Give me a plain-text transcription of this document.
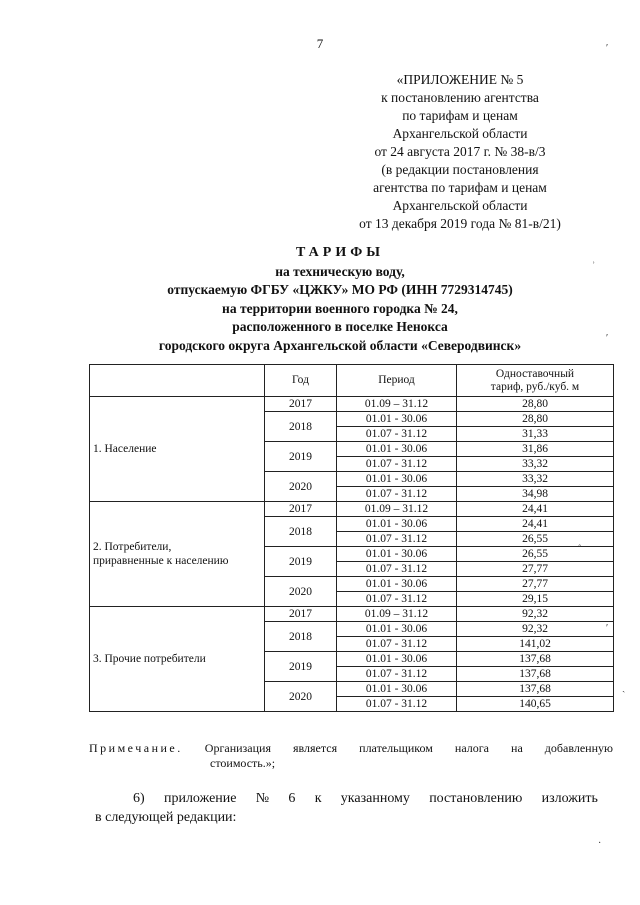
7
«ПРИЛОЖЕНИЕ № 5
к постановлению агентства
по тарифам и ценам
Архангельской области
от 24 августа 2017 г. № 38-в/3
(в редакции постановления
агентства по тарифам и ценам
Архангельской области
от 13 декабря 2019 года № 81-в/21)
ТАРИФЫ
на техническую воду,
отпускаемую ФГБУ «ЦЖКУ» МО РФ (ИНН 7729314745)
на территории военного городка № 24,
расположенного в поселке Ненокса
городского округа Архангельской области «Северодвинск»
	Год	Период	Одноставочный
тариф, руб./куб. м

1. Население	2017	01.09 – 31.12	28,80
	2018	01.01 - 30.06	28,80
		01.07 - 31.12	31,33
	2019	01.01 - 30.06	31,86
		01.07 - 31.12	33,32
	2020	01.01 - 30.06	33,32
		01.07 - 31.12	34,98

2. Потребители,
приравненные к населению	2017	01.09 – 31.12	24,41
	2018	01.01 - 30.06	24,41
		01.07 - 31.12	26,55
	2019	01.01 - 30.06	26,55
		01.07 - 31.12	27,77
	2020	01.01 - 30.06	27,77
		01.07 - 31.12	29,15

3. Прочие потребители	2017	01.09 – 31.12	92,32
	2018	01.01 - 30.06	92,32
		01.07 - 31.12	141,02
	2019	01.01 - 30.06	137,68
		01.07 - 31.12	137,68
	2020	01.01 - 30.06	137,68
		01.07 - 31.12	140,65
Примечание. Организация является плательщиком налога на добавленную
стоимость.»;
6) приложение № 6 к указанному постановлению изложить
в следующей редакции:
ʹ
˒
ʹ
ʹ
ˏ
˳
·
